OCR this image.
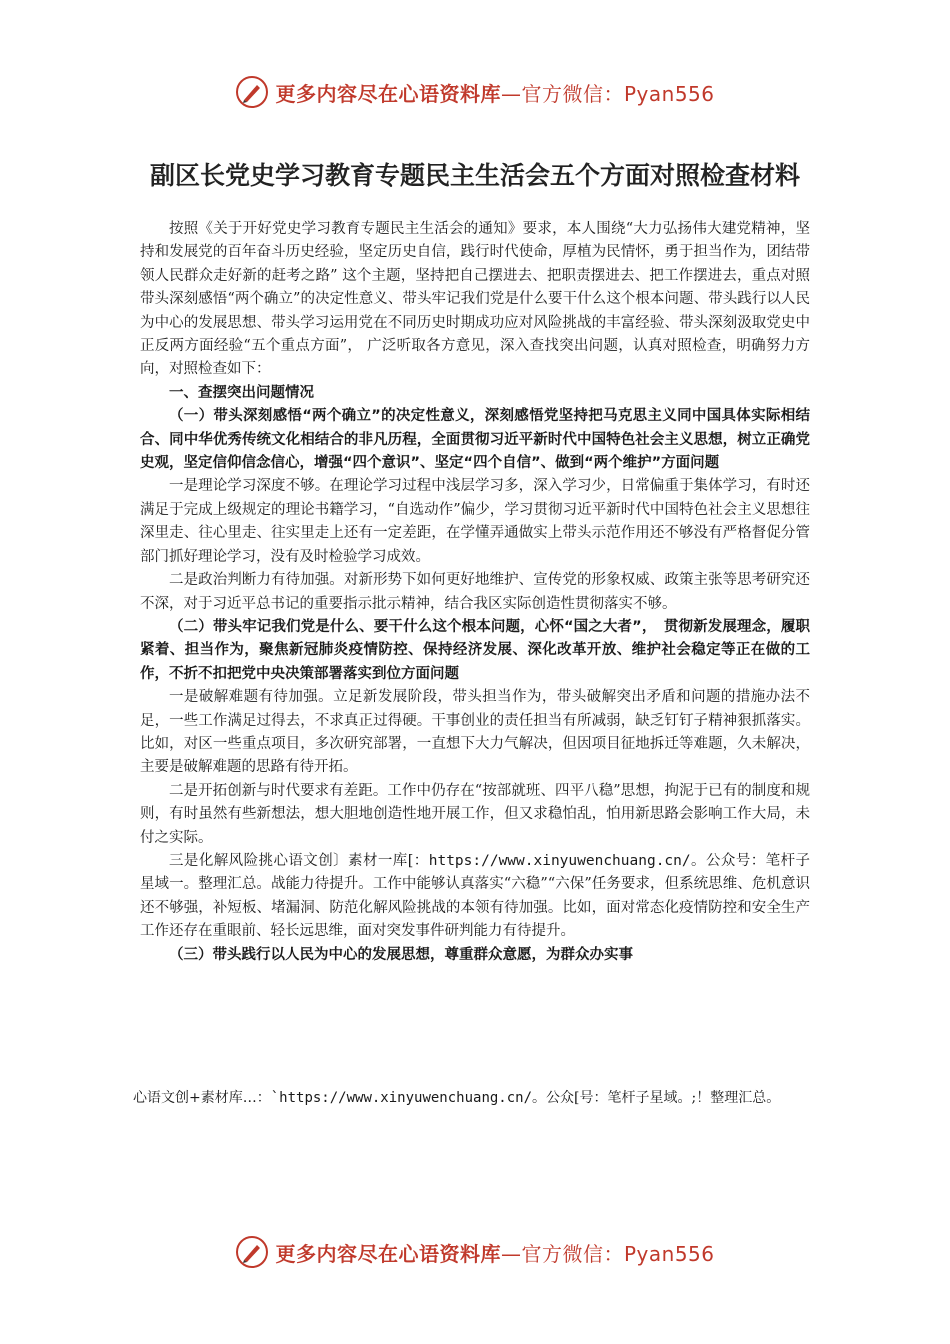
更多内容尽在心语资料库—官方微信：Pyan556
副区长党史学习教育专题民主生活会五个方面对照检查材料

按照《关于开好党史学习教育专题民主生活会的通知》要求，本人围绕“大力弘扬伟大建党精神，坚持和发展党的百年奋斗历史经验，坚定历史自信，践行时代使命，厚植为民情怀，勇于担当作为，团结带领人民群众走好新的赶考之路” 这个主题，坚持把自己摆进去、把职责摆进去、把工作摆进去，重点对照带头深刻感悟“两个确立”的决定性意义、带头牢记我们党是什么要干什么这个根本问题、带头践行以人民为中心的发展思想、带头学习运用党在不同历史时期成功应对风险挑战的丰富经验、带头深刻汲取党史中正反两方面经验“五个重点方面”， 广泛听取各方意见，深入查找突出问题，认真对照检查，明确努力方向，对照检查如下：

一、查摆突出问题情况

（一）带头深刻感悟“两个确立”的决定性意义，深刻感悟党坚持把马克思主义同中国具体实际相结合、同中华优秀传统文化相结合的非凡历程，全面贯彻习近平新时代中国特色社会主义思想，树立正确党史观，坚定信仰信念信心，增强“四个意识”、坚定“四个自信”、做到“两个维护”方面问题

一是理论学习深度不够。在理论学习过程中浅层学习多，深入学习少，日常偏重于集体学习，有时还满足于完成上级规定的理论书籍学习，“自选动作”偏少，学习贯彻习近平新时代中国特色社会主义思想往深里走、往心里走、往实里走上还有一定差距，在学懂弄通做实上带头示范作用还不够没有严格督促分管部门抓好理论学习，没有及时检验学习成效。

二是政治判断力有待加强。对新形势下如何更好地维护、宣传党的形象权威、政策主张等思考研究还不深，对于习近平总书记的重要指示批示精神，结合我区实际创造性贯彻落实不够。

（二）带头牢记我们党是什么、要干什么这个根本问题，心怀“国之大者”，　贯彻新发展理念，履职紧着、担当作为，聚焦新冠肺炎疫情防控、保持经济发展、深化改革开放、维护社会稳定等正在做的工作，不折不扣把党中央决策部署落实到位方面问题

一是破解难题有待加强。立足新发展阶段，带头担当作为，带头破解突出矛盾和问题的措施办法不足，一些工作满足过得去，不求真正过得硬。干事创业的责任担当有所减弱，缺乏钉钉子精神狠抓落实。比如，对区一些重点项目，多次研究部署，一直想下大力气解决，但因项目征地拆迁等难题，久未解决，主要是破解难题的思路有待开拓。

二是开拓创新与时代要求有差距。工作中仍存在“按部就班、四平八稳”思想，拘泥于已有的制度和规则，有时虽然有些新想法，想大胆地创造性地开展工作，但又求稳怕乱，怕用新思路会影响工作大局，未付之实际。

三是化解风险挑心语文创〕素材一库[：https://www.xinyuwenchuang.cn/。公众号：笔杆子星域一。整理汇总。战能力待提升。工作中能够认真落实“六稳”“六保”任务要求，但系统思维、危机意识还不够强，补短板、堵漏洞、防范化解风险挑战的本领有待加强。比如，面对常态化疫情防控和安全生产工作还存在重眼前、轻长远思维，面对突发事件研判能力有待提升。

（三）带头践行以人民为中心的发展思想，尊重群众意愿，为群众办实事

心语文创+素材库…：`https://www.xinyuwenchuang.cn/。公众[号：笔杆子星域。;！整理汇总。
更多内容尽在心语资料库—官方微信：Pyan556
